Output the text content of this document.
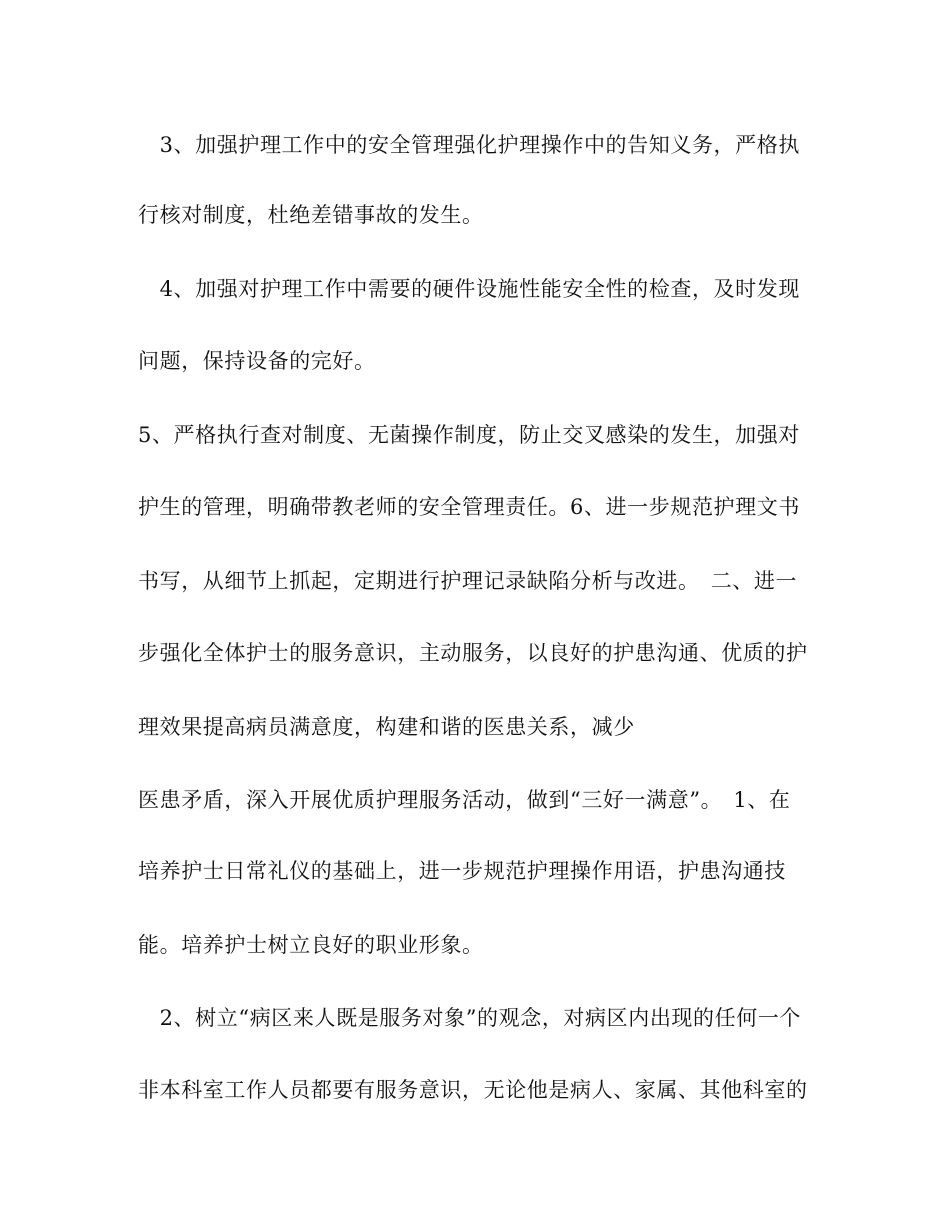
　3、加强护理工作中的安全管理强化护理操作中的告知义务，严格执
行核对制度，杜绝差错事故的发生。
　4、加强对护理工作中需要的硬件设施性能安全性的检查，及时发现
问题，保持设备的完好。
5、严格执行查对制度、无菌操作制度，防止交叉感染的发生，加强对
护生的管理，明确带教老师的安全管理责任。6、进一步规范护理文书
书写，从细节上抓起，定期进行护理记录缺陷分析与改进。　二、进一
步强化全体护士的服务意识，主动服务，以良好的护患沟通、优质的护
理效果提高病员满意度，构建和谐的医患关系，减少
医患矛盾，深入开展优质护理服务活动，做到“三好一满意”。　1、在
培养护士日常礼仪的基础上，进一步规范护理操作用语，护患沟通技
能。培养护士树立良好的职业形象。
　2、树立“病区来人既是服务对象”的观念，对病区内出现的任何一个
非本科室工作人员都要有服务意识，无论他是病人、家属、其他科室的
